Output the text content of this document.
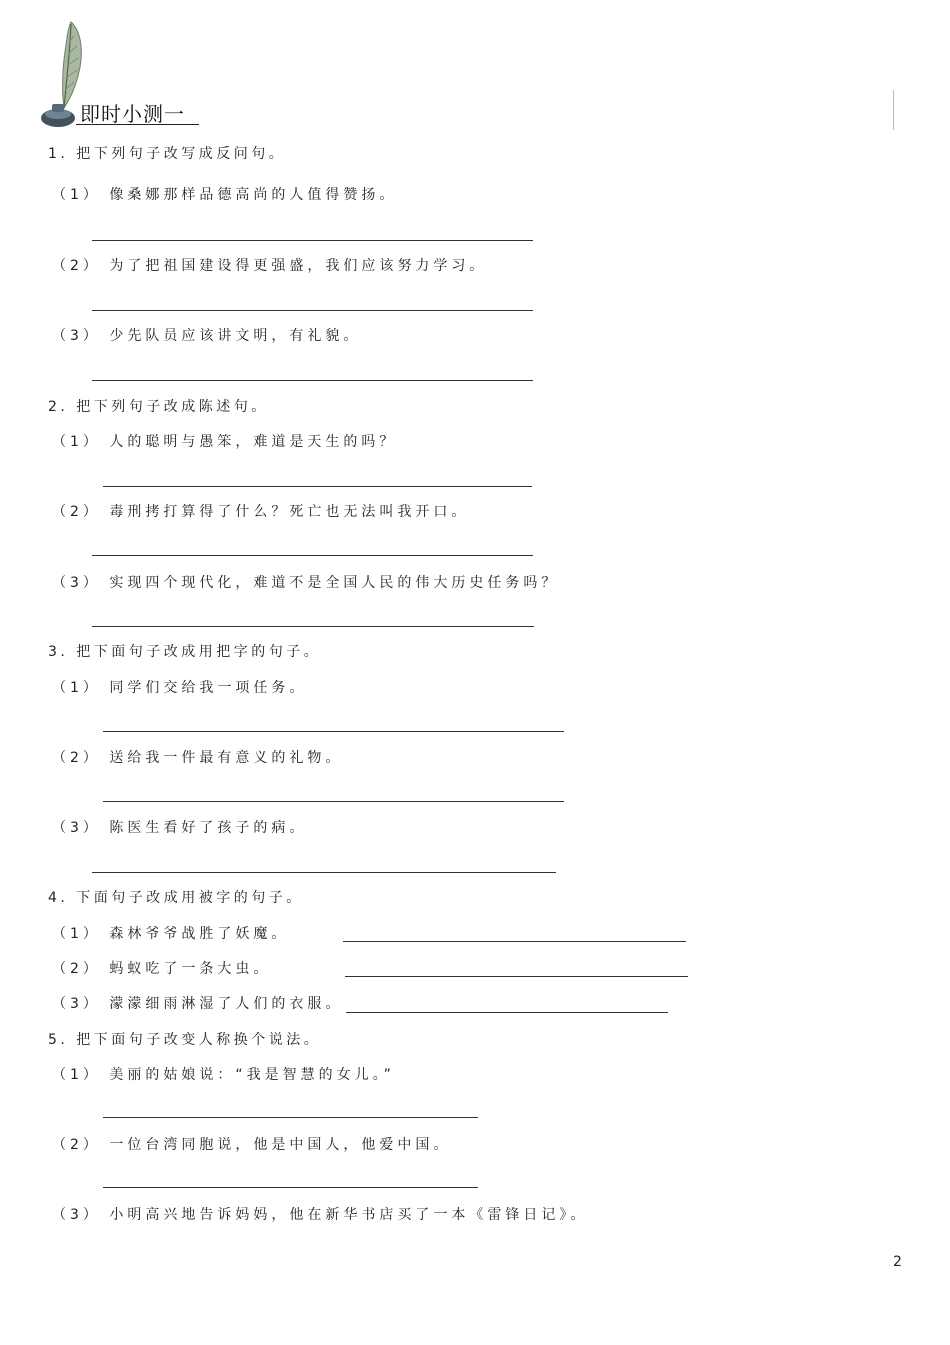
即时小测一
1. 把下列句子改写成反问句。
（1） 像桑娜那样品德高尚的人值得赞扬。
（2） 为了把祖国建设得更强盛，我们应该努力学习。
（3） 少先队员应该讲文明，有礼貌。
2. 把下列句子改成陈述句。
（1） 人的聪明与愚笨，难道是天生的吗？
（2） 毒刑拷打算得了什么？死亡也无法叫我开口。
（3） 实现四个现代化，难道不是全国人民的伟大历史任务吗？
3. 把下面句子改成用把字的句子。
（1） 同学们交给我一项任务。
（2） 送给我一件最有意义的礼物。
（3） 陈医生看好了孩子的病。
4. 下面句子改成用被字的句子。
（1） 森林爷爷战胜了妖魔。
（2） 蚂蚁吃了一条大虫。
（3） 濛濛细雨淋湿了人们的衣服。
5. 把下面句子改变人称换个说法。
（1） 美丽的姑娘说：“我是智慧的女儿。”
（2） 一位台湾同胞说，他是中国人，他爱中国。
（3） 小明高兴地告诉妈妈，他在新华书店买了一本《雷锋日记》。
2
